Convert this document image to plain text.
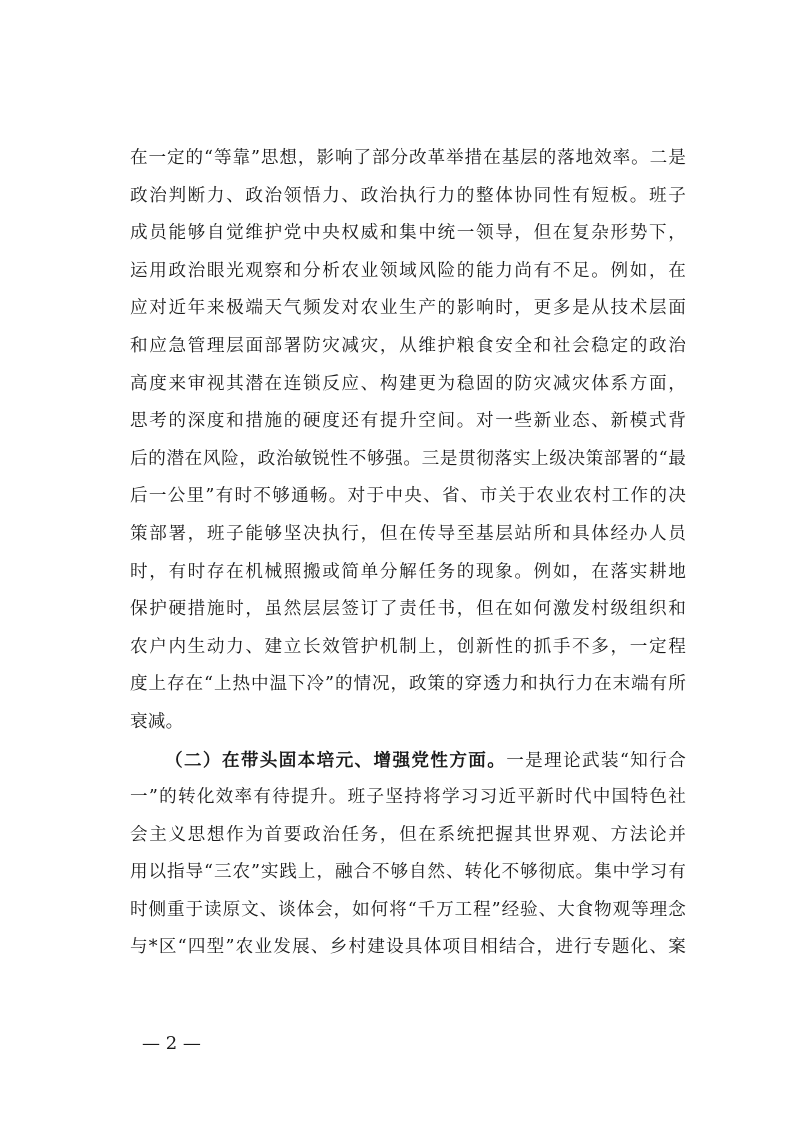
在一定的“等靠”思想，影响了部分改革举措在基层的落地效率。二是
政治判断力、政治领悟力、政治执行力的整体协同性有短板。班子
成员能够自觉维护党中央权威和集中统一领导，但在复杂形势下，
运用政治眼光观察和分析农业领域风险的能力尚有不足。例如，在
应对近年来极端天气频发对农业生产的影响时，更多是从技术层面
和应急管理层面部署防灾减灾，从维护粮食安全和社会稳定的政治
高度来审视其潜在连锁反应、构建更为稳固的防灾减灾体系方面，
思考的深度和措施的硬度还有提升空间。对一些新业态、新模式背
后的潜在风险，政治敏锐性不够强。三是贯彻落实上级决策部署的“最
后一公里”有时不够通畅。对于中央、省、市关于农业农村工作的决
策部署，班子能够坚决执行，但在传导至基层站所和具体经办人员
时，有时存在机械照搬或简单分解任务的现象。例如，在落实耕地
保护硬措施时，虽然层层签订了责任书，但在如何激发村级组织和
农户内生动力、建立长效管护机制上，创新性的抓手不多，一定程
度上存在“上热中温下冷”的情况，政策的穿透力和执行力在末端有所
衰减。
（二）在带头固本培元、增强党性方面。一是理论武装“知行合
一”的转化效率有待提升。班子坚持将学习习近平新时代中国特色社
会主义思想作为首要政治任务，但在系统把握其世界观、方法论并
用以指导“三农”实践上，融合不够自然、转化不够彻底。集中学习有
时侧重于读原文、谈体会，如何将“千万工程”经验、大食物观等理念
与*区“四型”农业发展、乡村建设具体项目相结合，进行专题化、案
— 2 —
